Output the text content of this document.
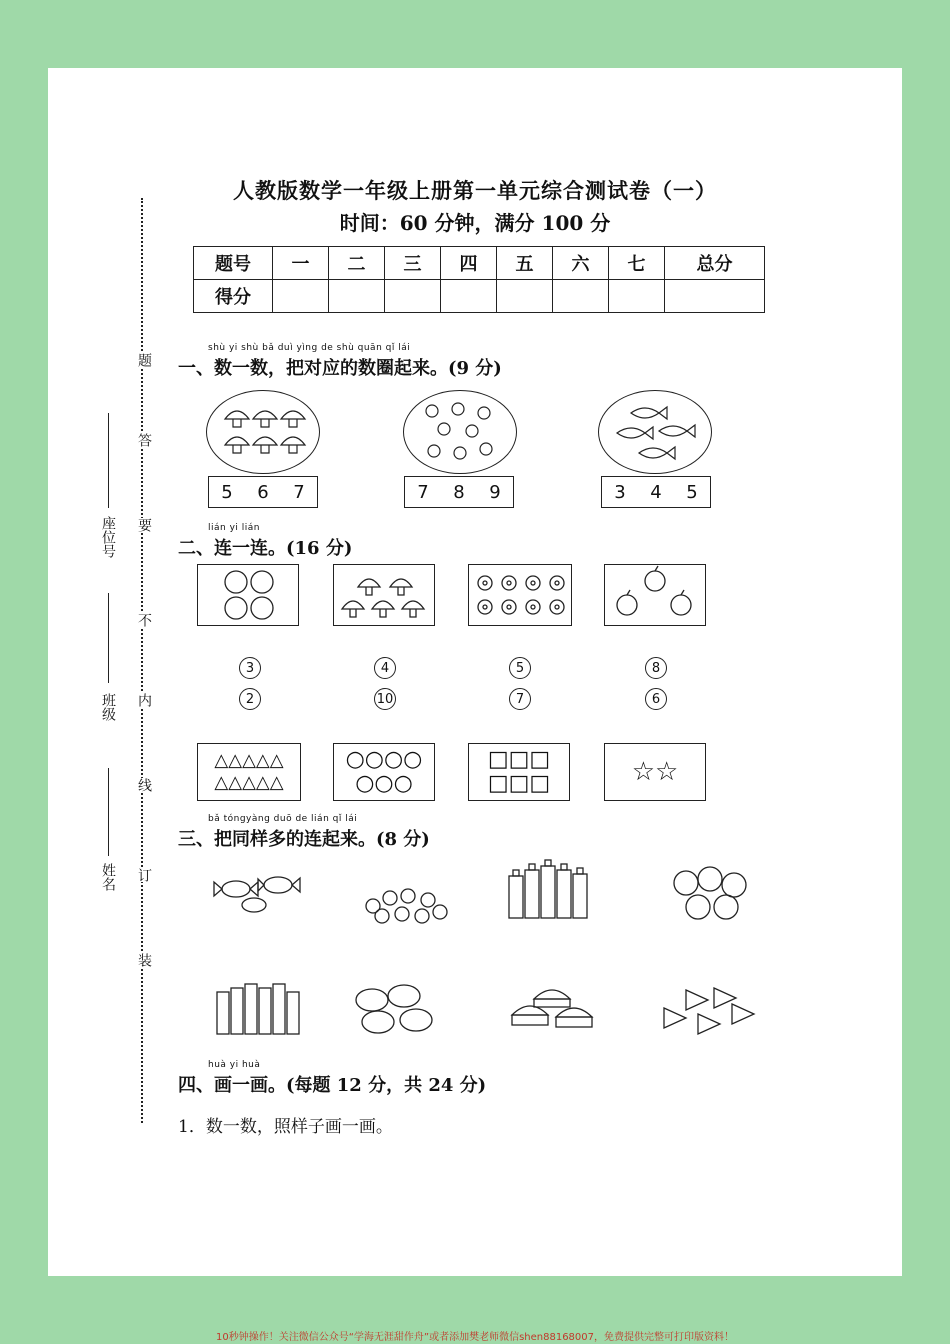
题
答
要
不
内
线
订
装
座位号
班级
姓名
人教版数学一年级上册第一单元综合测试卷（一）
时间：60 分钟，满分 100 分
题号	一	二	三	四	五	六	七	总分
得分								
shù yi shù bǎ duì yìng de shù quān qǐ lái
一、数一数，把对应的数圈起来。(9 分)
5 6 7	7 8 9	3 4 5
lián yi lián
二、连一连。(16 分)
3	4	5	8
2	10	7	6
△△△△△
△△△△△
○○○○
○○○
□□□
□□□	☆☆
bǎ tóngyàng duō de lián qǐ lái
三、把同样多的连起来。(8 分)
huà yi huà
四、画一画。(每题 12 分，共 24 分)
1．数一数，照样子画一画。
10秒钟操作！关注微信公众号“学海无涯甜作舟”或者添加樊老师微信shen88168007，免费提供完整可打印版资料！
